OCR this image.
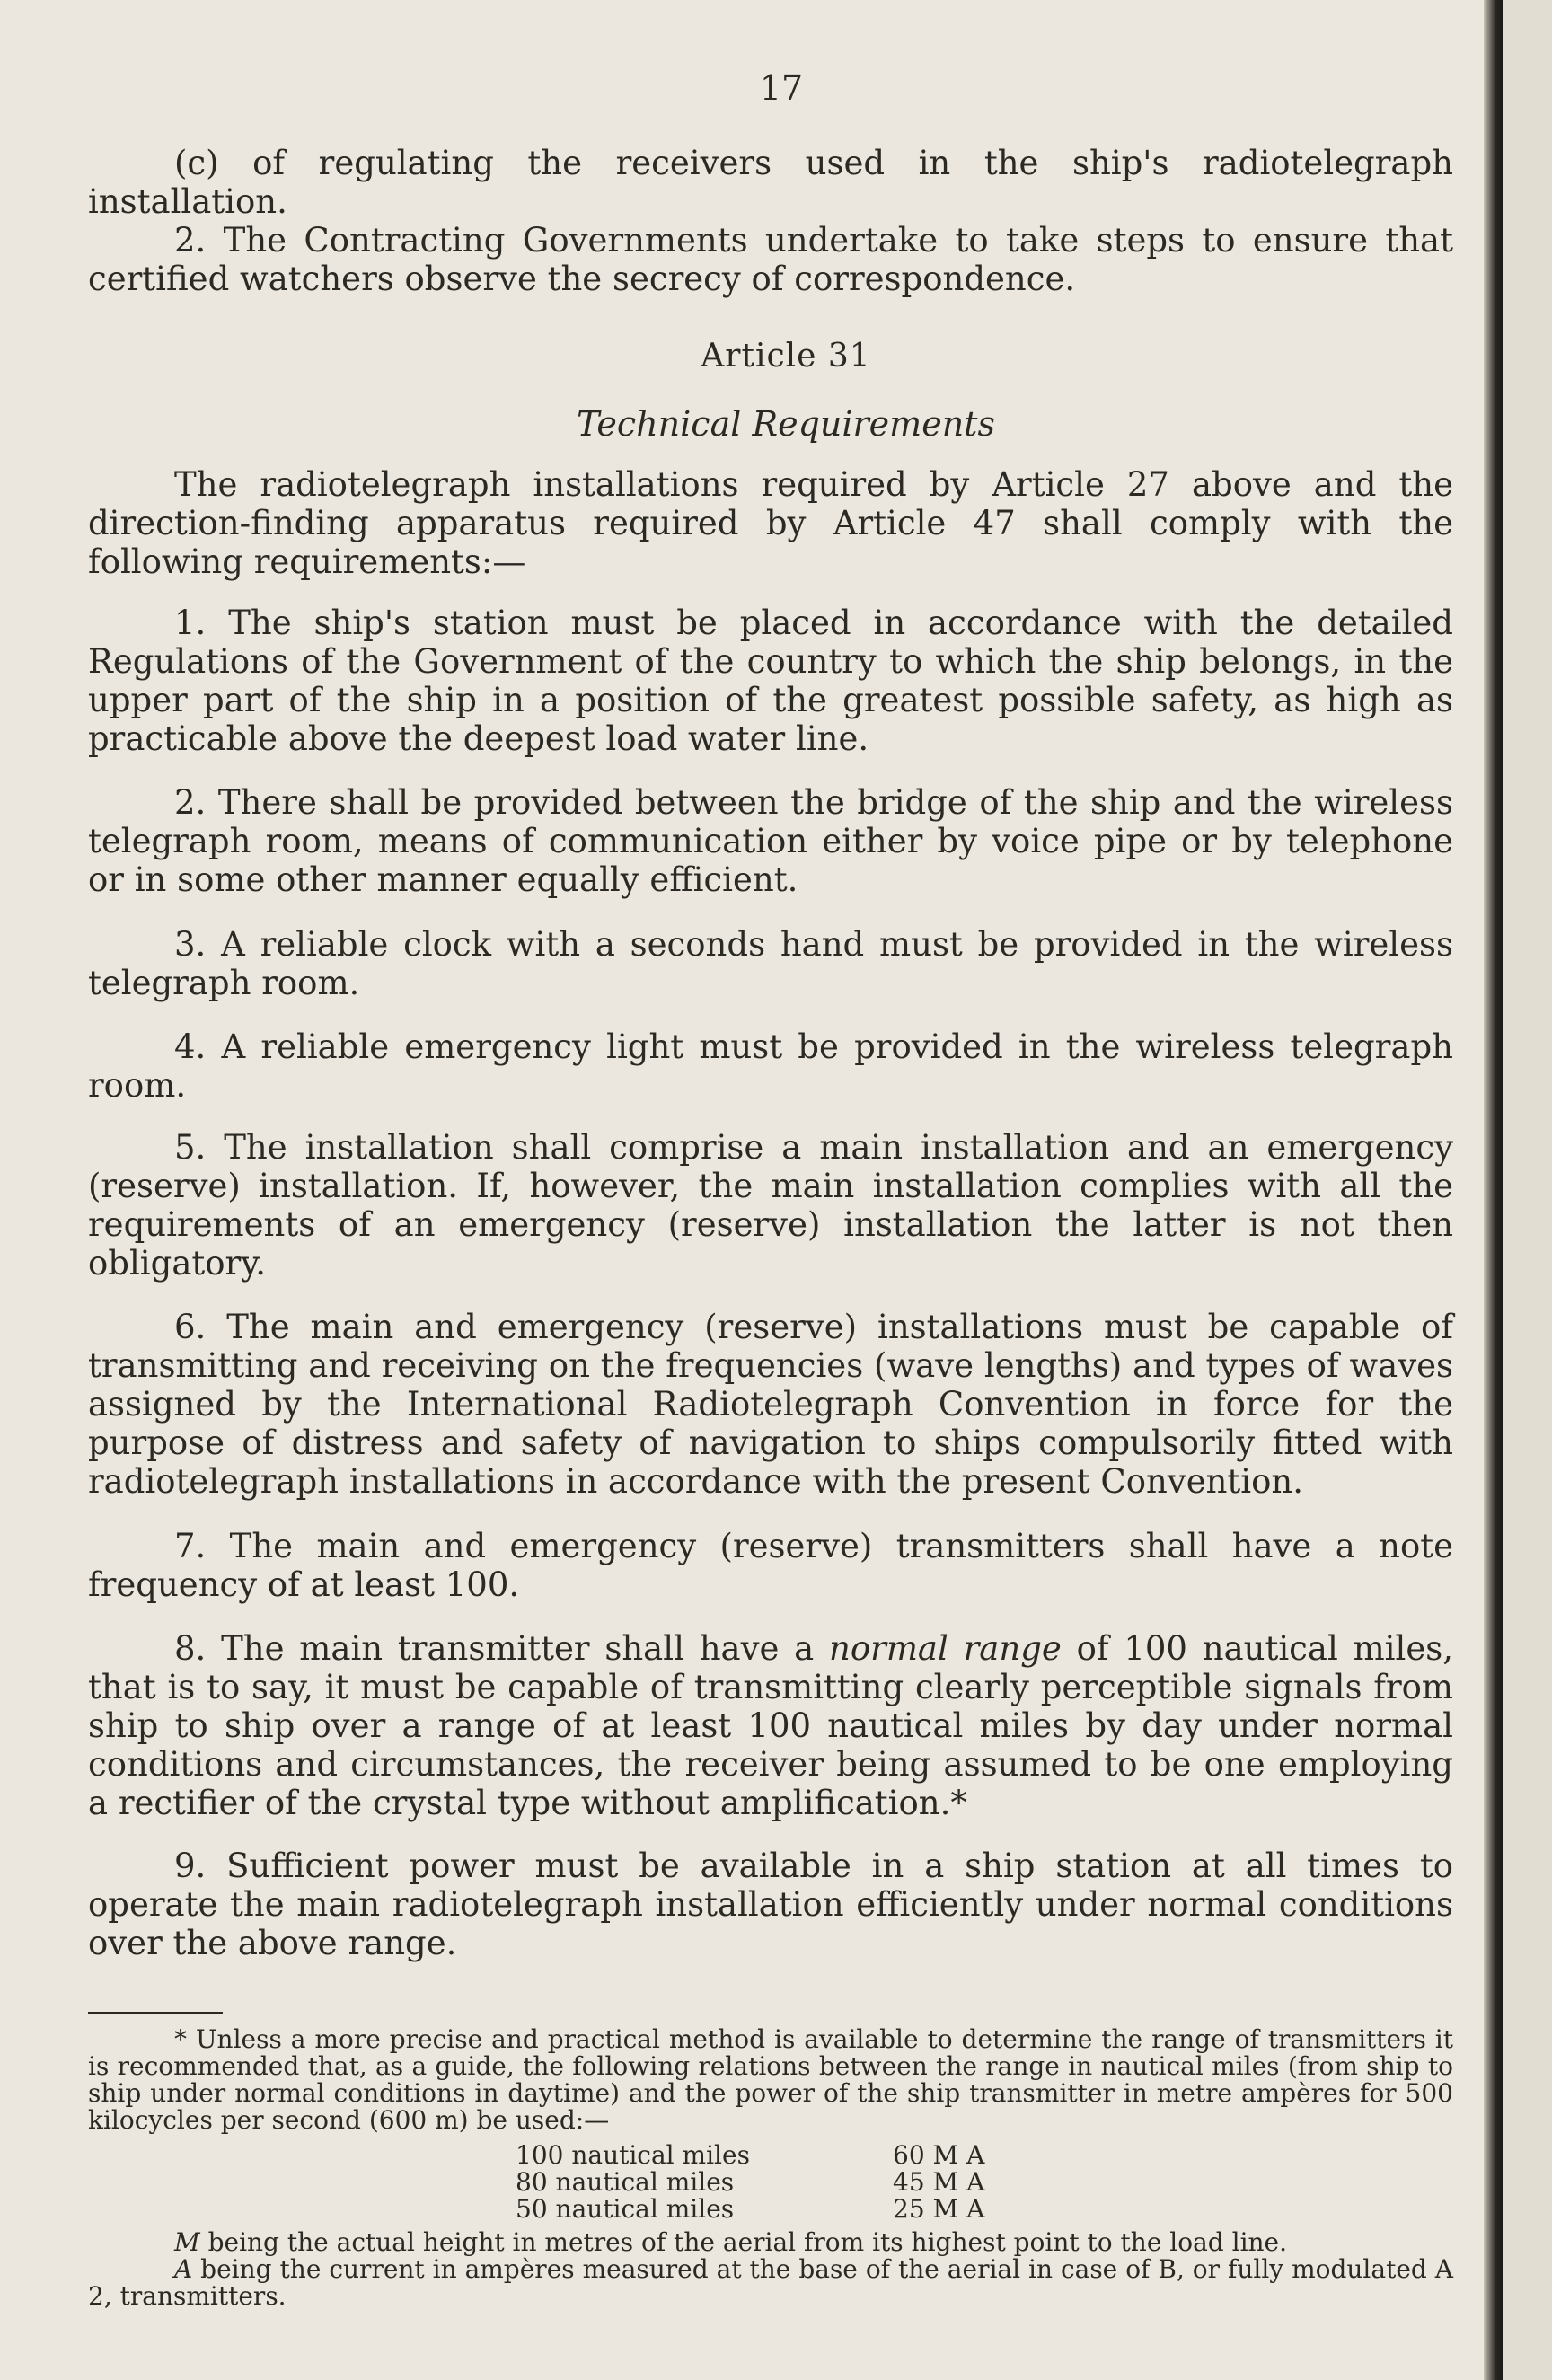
17

(c) of regulating the receivers used in the ship's radiotelegraph installation.

2. The Contracting Governments undertake to take steps to ensure that certified watchers observe the secrecy of correspondence.

Article 31
Technical Requirements

The radiotelegraph installations required by Article 27 above and the direction-finding apparatus required by Article 47 shall comply with the following requirements:—

1. The ship's station must be placed in accordance with the detailed Regulations of the Government of the country to which the ship belongs, in the upper part of the ship in a position of the greatest possible safety, as high as practicable above the deepest load water line.

2. There shall be provided between the bridge of the ship and the wireless telegraph room, means of communication either by voice pipe or by telephone or in some other manner equally efficient.

3. A reliable clock with a seconds hand must be provided in the wireless telegraph room.

4. A reliable emergency light must be provided in the wireless telegraph room.

5. The installation shall comprise a main installation and an emergency (reserve) installation. If, however, the main installation complies with all the requirements of an emergency (reserve) installation the latter is not then obligatory.

6. The main and emergency (reserve) installations must be capable of transmitting and receiving on the frequencies (wave lengths) and types of waves assigned by the International Radiotelegraph Convention in force for the purpose of distress and safety of navigation to ships compulsorily fitted with radiotelegraph installations in accordance with the present Convention.

7. The main and emergency (reserve) transmitters shall have a note frequency of at least 100.

8. The main transmitter shall have a normal range of 100 nautical miles, that is to say, it must be capable of transmitting clearly perceptible signals from ship to ship over a range of at least 100 nautical miles by day under normal conditions and circumstances, the receiver being assumed to be one employing a rectifier of the crystal type without amplification.*

9. Sufficient power must be available in a ship station at all times to operate the main radiotelegraph installation efficiently under normal conditions over the above range.

* Unless a more precise and practical method is available to determine the range of transmitters it is recommended that, as a guide, the following relations between the range in nautical miles (from ship to ship under normal conditions in daytime) and the power of the ship transmitter in metre ampères for 500 kilocycles per second (600 m) be used:—

100 nautical miles	60 M A
80 nautical miles	45 M A
50 nautical miles	25 M A

M being the actual height in metres of the aerial from its highest point to the load line.

A being the current in ampères measured at the base of the aerial in case of B, or fully modulated A 2, transmitters.
